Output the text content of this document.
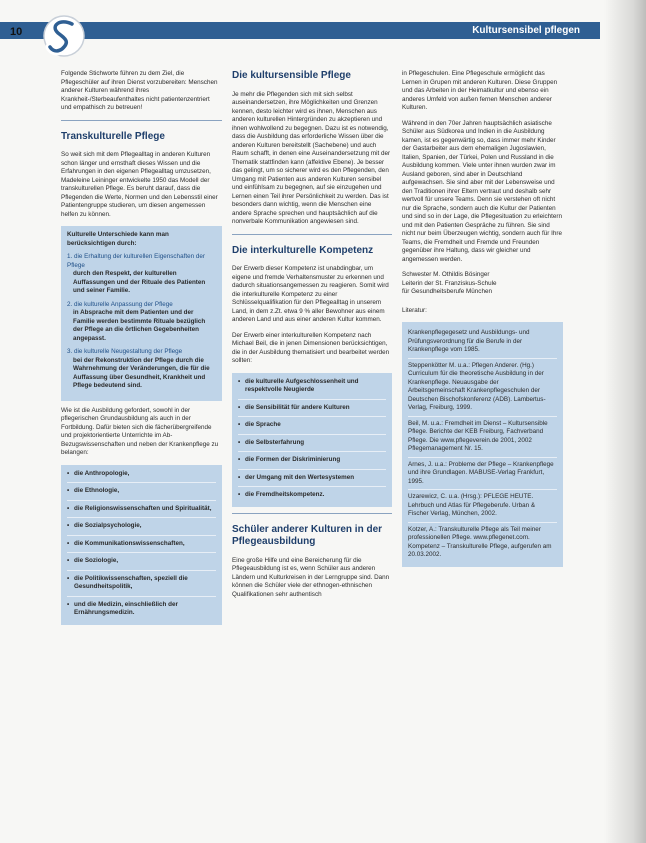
10	Kultursensibel pflegen

Folgende Stichworte führen zu dem Ziel, die Pflegeschüler auf ihren Dienst vorzubereiten: Menschen anderer Kulturen während ihres Krankheit-/Sterbeaufenthaltes nicht patientenzentriert und empathisch zu betreuen!

Transkulturelle Pflege

So weit sich mit dem Pflegealltag in anderen Kulturen schon länger und ernsthaft dieses Wissen und die Erfahrungen in den eigenen Pflegealltag umzusetzen, Madeleine Leininger entwickelte 1950 das Modell der transkulturellen Pflege. Es beruht darauf, dass die Pflegenden die Werte, Normen und den Lebensstil einer Patientengruppe studieren, um diesen angemessen helfen zu können.

Kulturelle Unterschiede kann man berücksichtigen durch:
1. die Erhaltung der kulturellen Eigenschaften der Pflege
durch den Respekt, der kulturellen Auffassungen und der Rituale des Patienten und seiner Familie.
2. die kulturelle Anpassung der Pflege
in Absprache mit dem Patienten und der Familie werden bestimmte Rituale bezüglich der Pflege an die örtlichen Gegebenheiten angepasst.
3. die kulturelle Neugestaltung der Pflege
bei der Rekonstruktion der Pflege durch die Wahrnehmung der Veränderungen, die für die Auffassung über Gesundheit, Krankheit und Pflege bedeutend sind.

Wie ist die Ausbildung gefordert, sowohl in der pflegerischen Grundausbildung als auch in der Fortbildung. Dafür bieten sich die fächerübergreifende und projektorientierte Unterrichte im Ab-Bezugswissenschaften und neben der Krankenpflege zu belangen:

• die Anthropologie,
• die Ethnologie,
• die Religionswissenschaften und Spiritualität,
• die Sozialpsychologie,
• die Kommunikationswissenschaften,
• die Soziologie,
• die Politikwissenschaften, speziell die Gesundheitspolitik,
• und die Medizin, einschließlich der Ernährungsmedizin.
Die kultursensible Pflege

Je mehr die Pflegenden sich mit sich selbst auseinandersetzen, ihre Möglichkeiten und Grenzen kennen, desto leichter wird es ihnen, Menschen aus anderen kulturellen Hintergründen zu akzeptieren und ihnen wohlwollend zu begegnen. Dazu ist es notwendig, dass die Ausbildung das erforderliche Wissen über die anderen Kulturen bereitstellt (Sachebene) und auch Raum schafft, in denen eine Auseinandersetzung mit der Thematik stattfinden kann (affektive Ebene). Je besser das gelingt, um so sicherer wird es den Pflegenden, den Umgang mit Patienten aus anderen Kulturen sensibel und einfühlsam zu begegnen, auf sie einzugehen und Lernen einen Teil ihrer Persönlichkeit zu werden. Das ist besonders dann wichtig, wenn die Menschen eine andere Sprache sprechen und hauptsächlich auf die nonverbale Kommunikation angewiesen sind.

Die interkulturelle Kompetenz

Der Erwerb dieser Kompetenz ist unabdingbar, um eigene und fremde Verhaltensmuster zu erkennen und dadurch situationsangemessen zu reagieren. Somit wird die interkulturelle Kompetenz zu einer Schlüsselqualifikation für den Pflegealltag in unserem Land, in dem z.Zt. etwa 9 % aller Bewohner aus einem anderen Land und aus einer anderen Kultur kommen.

Der Erwerb einer interkulturellen Kompetenz nach Michael Beil, die in jenen Dimensionen berücksichtigen, die in der Ausbildung thematisiert und bearbeitet werden sollten:

• die kulturelle Aufgeschlossenheit und respektvolle Neugierde
• die Sensibilität für andere Kulturen
• die Sprache
• die Selbsterfahrung
• die Formen der Diskriminierung
• der Umgang mit den Wertesystemen
• die Fremdheitskompetenz.
Schüler anderer Kulturen in der Pflegeausbildung

Eine große Hilfe und eine Bereicherung für die Pflegeausbildung ist es, wenn Schüler aus anderen Ländern und Kulturkreisen in der Lerngruppe sind. Dann können die Schüler viele der ethnogen-ethnischen Qualifikationen sehr authentisch

in Pflegeschulen. Eine Pflegeschule ermöglicht das Lernen in Grupen mit anderen Kulturen. Diese Gruppen und das Arbeiten in der Heimatkultur und ebenso ein anderes Umfeld von außen fernen Menschen anderer Kulturen.

Während in den 70er Jahren hauptsächlich asiatische Schüler aus Südkorea und Indien in die Ausbildung kamen, ist es gegenwärtig so, dass immer mehr Kinder der Gastarbeiter aus dem ehemaligen Jugoslawien, Italien, Spanien, der Türkei, Polen und Russland in die Ausbildung kommen. Viele unter ihnen wurden zwar im Ausland geboren, sind aber in Deutschland aufgewachsen. Sie sind aber mit der Lebensweise und den Traditionen ihrer Eltern vertraut und deshalb sehr wertvoll für unsere Teams. Denn sie verstehen oft nicht nur die Sprache, sondern auch die Kultur der Patienten und sind so in der Lage, die Pflegesituation zu erleichtern und mit den Patienten Gespräche zu führen. Sie sind nicht nur beim Überzeugen wichtig, sondern auch für Ihre Teams, die Fremdheit und Fremde und Freunden gegenüber ihre Haltung, dass wir gleicher und angemessen werden.

Schwester M. Othildis Bösinger
Leiterin der St. Franziskus-Schule
für Gesundheitsberufe München

Literatur:

Krankenpflegegesetz und Ausbildungs- und Prüfungsverordnung für die Berufe in der Krankenpflege vom 1985.
Steppenkötter M. u.a.: Pflegen Anderer. (Hg.) Curriculum für die theoretische Ausbildung in der Krankenpflege. Neuausgabe der Arbeitsgemeinschaft Krankenpflegeschulen der Deutschen Bischofskonferenz (ADB). Lambertus-Verlag, Freiburg, 1999.
Beil, M. u.a.: Fremdheit im Dienst – Kultursensible Pflege. Berichte der KEB Freiburg, Fachverband Pflege. Die www.pflegeverein.de 2001, 2002 Pflegemanagement Nr. 15.
Arnes, J. u.a.: Probleme der Pflege – Krankenpflege und ihre Grundlagen. MABUSE-Verlag Frankfurt, 1995.
Uzarewicz, C. u.a. (Hrsg.): PFLEGE HEUTE. Lehrbuch und Atlas für Pflegeberufe. Urban & Fischer Verlag, München, 2002.
Kotzer, A.: Transkulturelle Pflege als Teil meiner professionellen Pflege. www.pflegenet.com. Kompetenz – Transkulturelle Pflege, aufgerufen am 20.03.2002.
